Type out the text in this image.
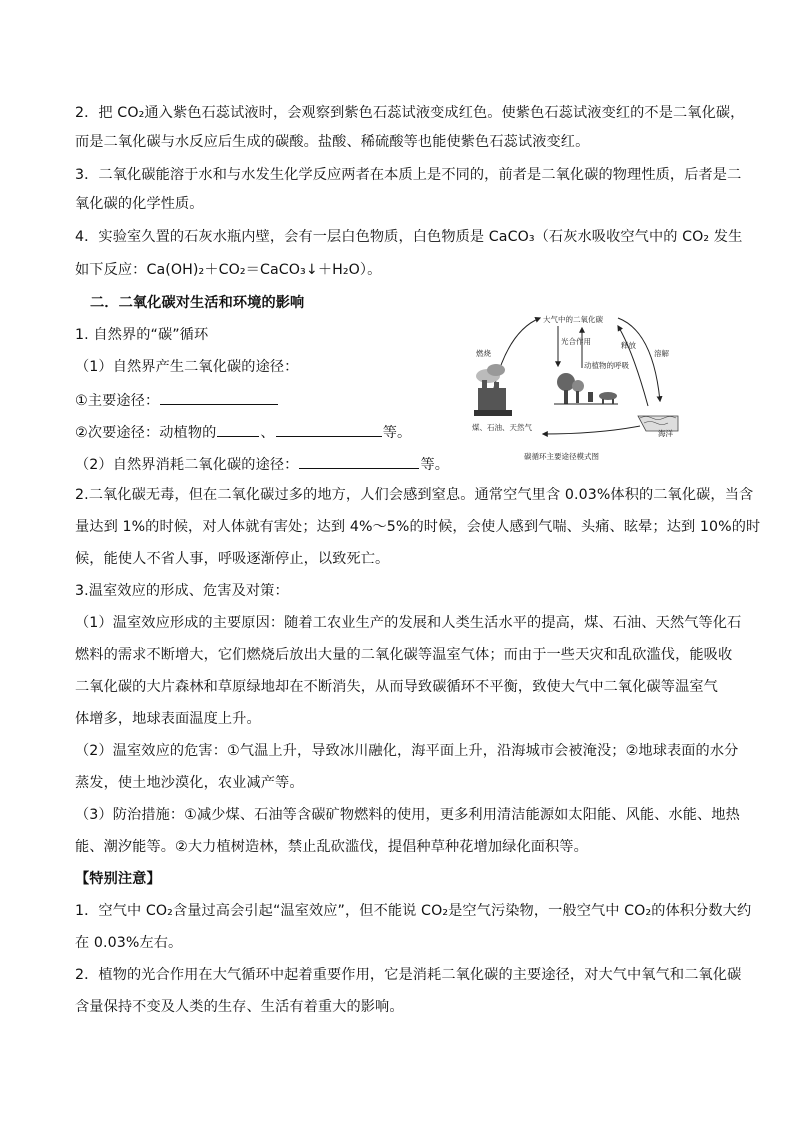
2．把 CO₂通入紫色石蕊试液时，会观察到紫色石蕊试液变成红色。使紫色石蕊试液变红的不是二氧化碳，
而是二氧化碳与水反应后生成的碳酸。盐酸、稀硫酸等也能使紫色石蕊试液变红。
3．二氧化碳能溶于水和与水发生化学反应两者在本质上是不同的，前者是二氧化碳的物理性质，后者是二
氧化碳的化学性质。
4．实验室久置的石灰水瓶内壁，会有一层白色物质，白色物质是 CaCO₃（石灰水吸收空气中的 CO₂ 发生
如下反应：Ca(OH)₂＋CO₂＝CaCO₃↓＋H₂O）。
二．二氧化碳对生活和环境的影响
1. 自然界的“碳”循环
（1）自然界产生二氧化碳的途径：
①主要途径：
②次要途径：动植物的	、	等。
（2）自然界消耗二氧化碳的途径：	等。
2.二氧化碳无毒，但在二氧化碳过多的地方，人们会感到窒息。通常空气里含 0.03%体积的二氧化碳，当含
量达到 1%的时候，对人体就有害处；达到 4%～5%的时候，会使人感到气喘、头痛、眩晕；达到 10%的时
候，能使人不省人事，呼吸逐渐停止，以致死亡。
3.温室效应的形成、危害及对策：
（1）温室效应形成的主要原因：随着工农业生产的发展和人类生活水平的提高，煤、石油、天然气等化石
燃料的需求不断增大，它们燃烧后放出大量的二氧化碳等温室气体；而由于一些天灾和乱砍滥伐，能吸收
二氧化碳的大片森林和草原绿地却在不断消失，从而导致碳循环不平衡，致使大气中二氧化碳等温室气
体增多，地球表面温度上升。
（2）温室效应的危害：①气温上升，导致冰川融化，海平面上升，沿海城市会被淹没；②地球表面的水分
蒸发，使土地沙漠化，农业减产等。
（3）防治措施：①减少煤、石油等含碳矿物燃料的使用，更多利用清洁能源如太阳能、风能、水能、地热
能、潮汐能等。②大力植树造林，禁止乱砍滥伐，提倡种草种花增加绿化面积等。
【特别注意】
1．空气中 CO₂含量过高会引起“温室效应”，但不能说 CO₂是空气污染物，一般空气中 CO₂的体积分数大约
在 0.03%左右。
2．植物的光合作用在大气循环中起着重要作用，它是消耗二氧化碳的主要途径，对大气中氧气和二氧化碳
含量保持不变及人类的生存、生活有着重大的影响。
大气中的二氧化碳
燃烧
光合作用
动植物的呼吸
溶解
释放
煤、石油、天然气
海洋
碳循环主要途径模式图
